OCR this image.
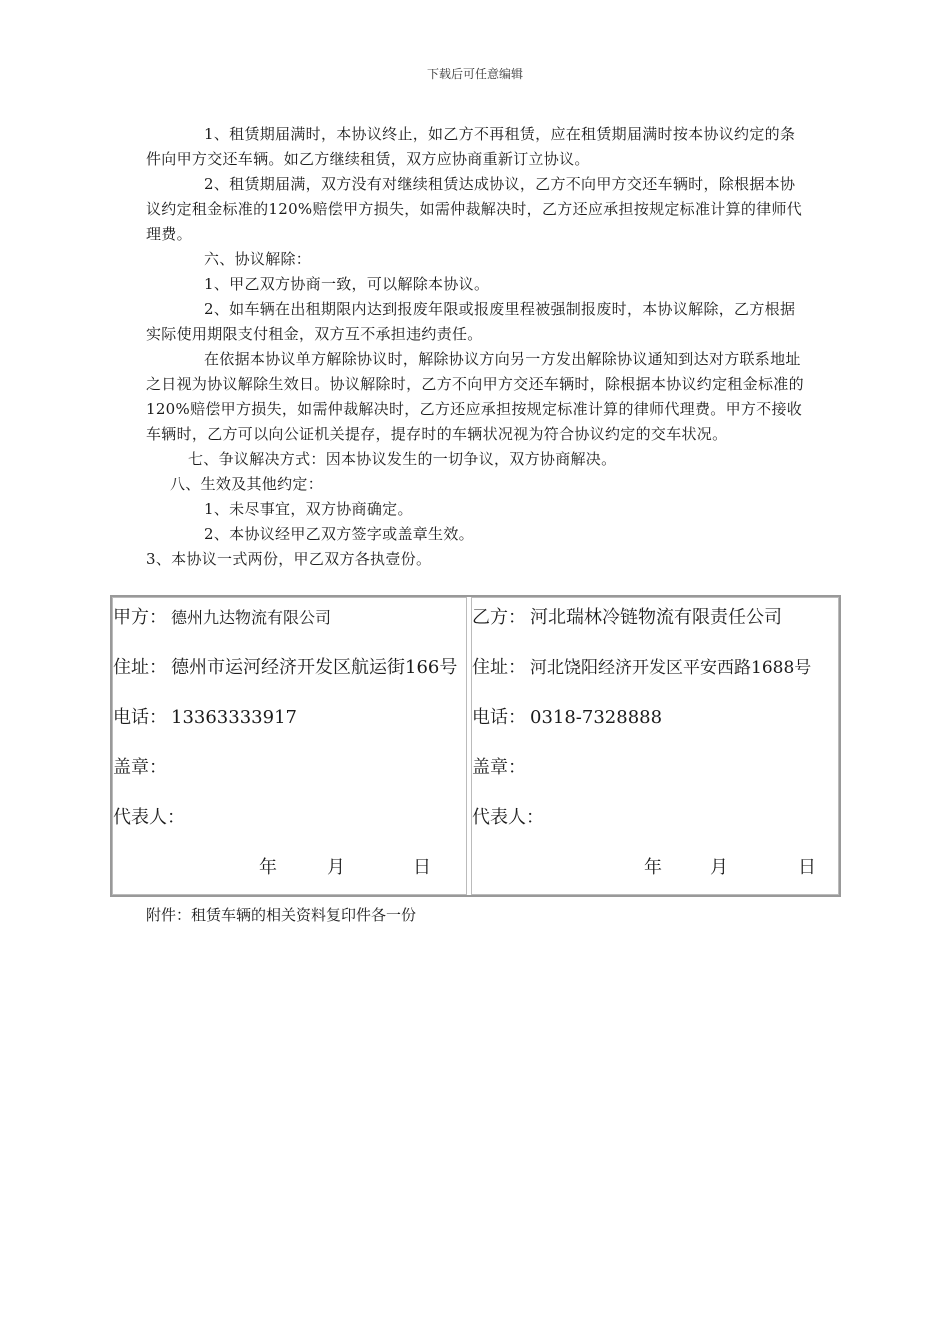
下载后可任意编辑

1、租赁期届满时，本协议终止，如乙方不再租赁，应在租赁期届满时按本协议约定的条件向甲方交还车辆。如乙方继续租赁，双方应协商重新订立协议。

2、租赁期届满，双方没有对继续租赁达成协议，乙方不向甲方交还车辆时，除根据本协议约定租金标准的120%赔偿甲方损失，如需仲裁解决时，乙方还应承担按规定标准计算的律师代理费。

六、协议解除：

1、甲乙双方协商一致，可以解除本协议。

2、如车辆在出租期限内达到报废年限或报废里程被强制报废时，本协议解除，乙方根据实际使用期限支付租金，双方互不承担违约责任。

在依据本协议单方解除协议时，解除协议方向另一方发出解除协议通知到达对方联系地址之日视为协议解除生效日。协议解除时，乙方不向甲方交还车辆时，除根据本协议约定租金标准的120%赔偿甲方损失，如需仲裁解决时，乙方还应承担按规定标准计算的律师代理费。甲方不接收车辆时，乙方可以向公证机关提存，提存时的车辆状况视为符合协议约定的交车状况。

七、争议解决方式：因本协议发生的一切争议，双方协商解决。

八、生效及其他约定：

1、未尽事宜，双方协商确定。

2、本协议经甲乙双方签字或盖章生效。

3、本协议一式两份，甲乙双方各执壹份。

甲方： 德州九达物流有限公司
住址： 德州市运河经济开发区航运街166号
电话： 13363333917
盖章：
代表人：
年	月	日
乙方： 河北瑞林冷链物流有限责任公司
住址： 河北饶阳经济开发区平安西路1688号
电话： 0318-7328888
盖章：
代表人：
年	月	日
附件：租赁车辆的相关资料复印件各一份
